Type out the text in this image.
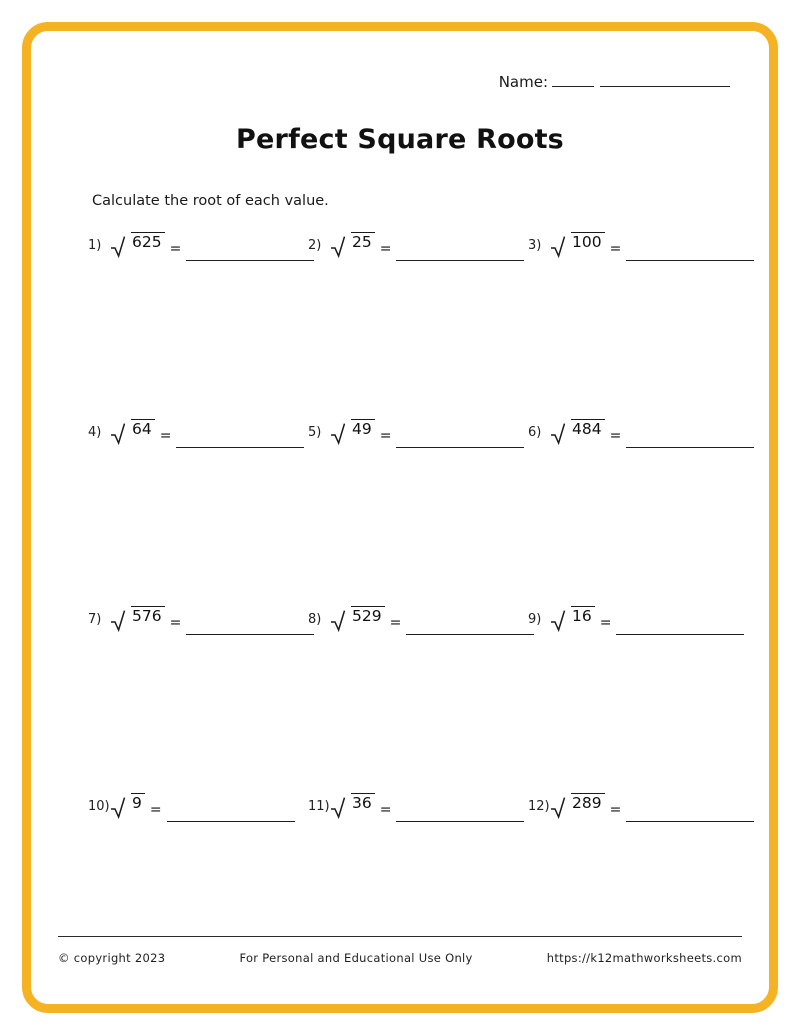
Name:
Perfect Square Roots
Calculate the root of each value.
1)	625 =	2)	25 =	3)	100 =
4)	64 =	5)	49 =	6)	484 =
7)	576 =	8)	529 =	9)	16 =
10) 9 =	11) 36 =	12) 289 =
© copyright 2023	For Personal and Educational Use Only	https://k12mathworksheets.com
